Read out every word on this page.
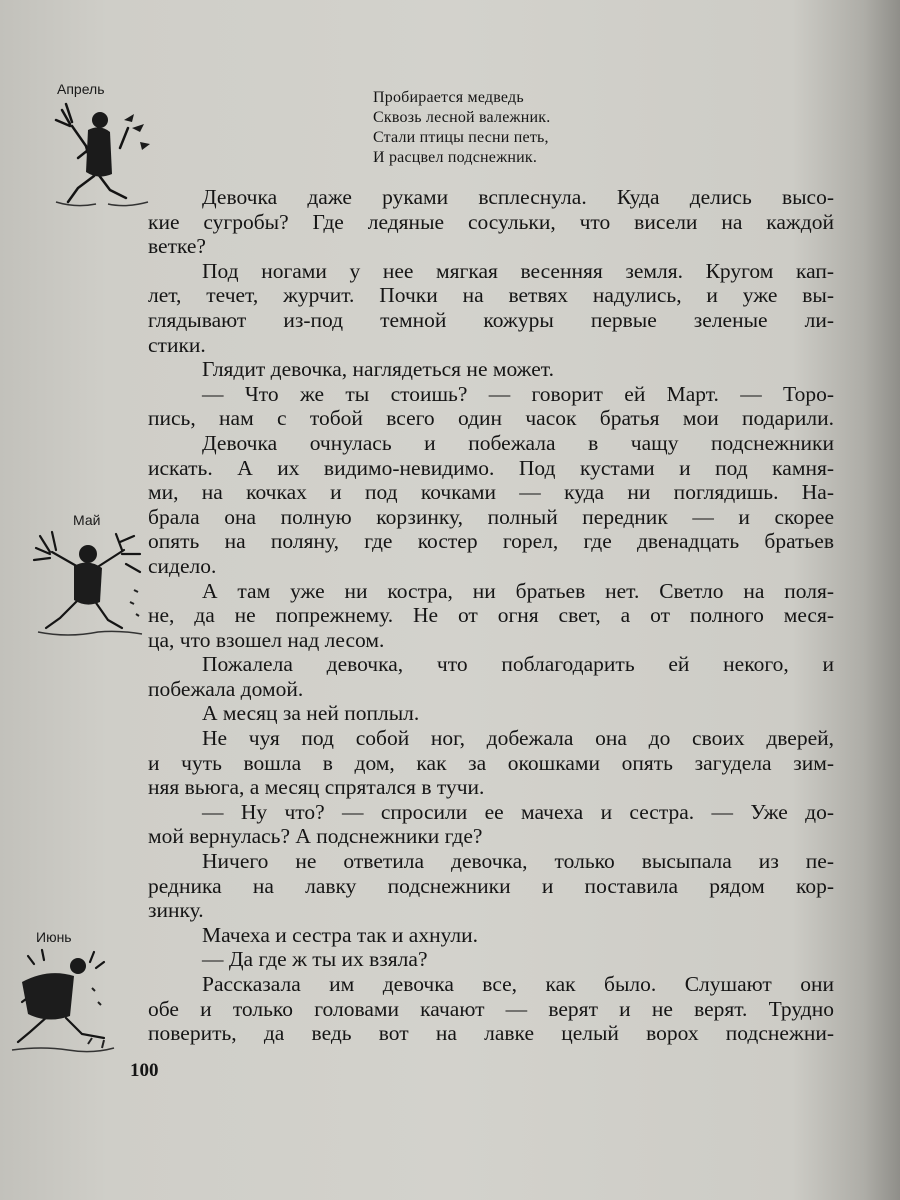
Апрель	Пробирается медведь
Сквозь лесной валежник.
Стали птицы песни петь,
И расцвел подснежник.
Май
Июнь
Девочка даже руками всплеснула. Куда делись высо-
кие сугробы? Где ледяные сосульки, что висели на каждой
ветке?
Под ногами у нее мягкая весенняя земля. Кругом кап-
лет, течет, журчит. Почки на ветвях надулись, и уже вы-
глядывают из-под темной кожуры первые зеленые ли-
стики.
Глядит девочка, наглядеться не может.
— Что же ты стоишь? — говорит ей Март. — Торо-
пись, нам с тобой всего один часок братья мои подарили.
Девочка очнулась и побежала в чащу подснежники
искать. А их видимо-невидимо. Под кустами и под камня-
ми, на кочках и под кочками — куда ни поглядишь. На-
брала она полную корзинку, полный передник — и скорее
опять на поляну, где костер горел, где двенадцать братьев
сидело.
А там уже ни костра, ни братьев нет. Светло на поля-
не, да не попрежнему. Не от огня свет, а от полного меся-
ца, что взошел над лесом.
Пожалела девочка, что поблагодарить ей некого, и
побежала домой.
А месяц за ней поплыл.
Не чуя под собой ног, добежала она до своих дверей,
и чуть вошла в дом, как за окошками опять загудела зим-
няя вьюга, а месяц спрятался в тучи.
— Ну что? — спросили ее мачеха и сестра. — Уже до-
мой вернулась? А подснежники где?
Ничего не ответила девочка, только высыпала из пе-
редника на лавку подснежники и поставила рядом кор-
зинку.
Мачеха и сестра так и ахнули.
— Да где ж ты их взяла?
Рассказала им девочка все, как было. Слушают они
обе и только головами качают — верят и не верят. Трудно
поверить, да ведь вот на лавке целый ворох подснежни-
100
